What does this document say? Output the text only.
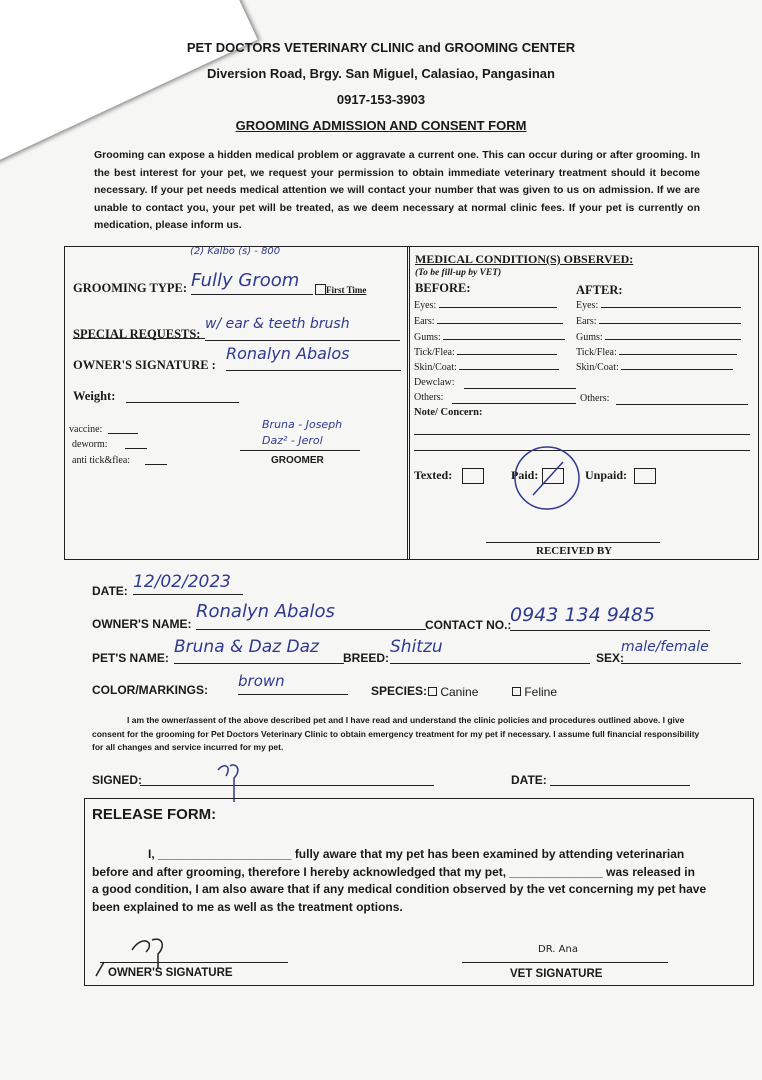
PET DOCTORS VETERINARY CLINIC and GROOMING CENTER
Diversion Road, Brgy. San Miguel, Calasiao, Pangasinan
0917-153-3903
GROOMING ADMISSION AND CONSENT FORM
Grooming can expose a hidden medical problem or aggravate a current one. This can occur during or after grooming. In the best interest for your pet, we request your permission to obtain immediate veterinary treatment should it become necessary. If your pet needs medical attention we will contact your number that was given to us on admission. If we are unable to contact you, your pet will be treated, as we deem necessary at normal clinic fees. If your pet is currently on medication, please inform us.
(2) Kalbo (s) - 800
GROOMING TYPE: Fully Groom	First Time
SPECIAL REQUESTS:
w/ ear & teeth brush
OWNER'S SIGNATURE :
Ronalyn Abalos
Weight:
vaccine:
deworm:
anti tick&flea:
Bruna - Joseph
Daz² - Jerol
GROOMER
MEDICAL CONDITION(S) OBSERVED:
(To be fill-up by VET)
BEFORE:	AFTER:
Eyes:	Eyes:
Ears:	Ears:
Gums:	Gums:
Tick/Flea:	Tick/Flea:
Skin/Coat:	Skin/Coat:
Dewclaw:
Others:	Others:
Note/ Concern:
Texted:	Paid:	Unpaid:
RECEIVED BY
DATE: 12/02/2023
OWNER'S NAME:
Ronalyn Abalos
CONTACT NO.:
0943 134 9485
PET'S NAME:
Bruna & Daz Daz
BREED:
Shitzu
SEX:
male/female
COLOR/MARKINGS: brown
SPECIES:	Canine	Feline
I am the owner/assent of the above described pet and I have read and understand the clinic policies and procedures outlined above. I give consent for the grooming for Pet Doctors Veterinary Clinic to obtain emergency treatment for my pet if necessary. I assume full financial responsibility for all changes and service incurred for my pet.
SIGNED:	DATE:
RELEASE FORM:
I, ____________________ fully aware that my pet has been examined by attending veterinarian
before and after grooming, therefore I hereby acknowledged that my pet, ______________ was released in
a good condition, I am also aware that if any medical condition observed by the vet concerning my pet have
been explained to me as well as the treatment options.
OWNER'S SIGNATURE
DR. Ana
VET SIGNATURE
